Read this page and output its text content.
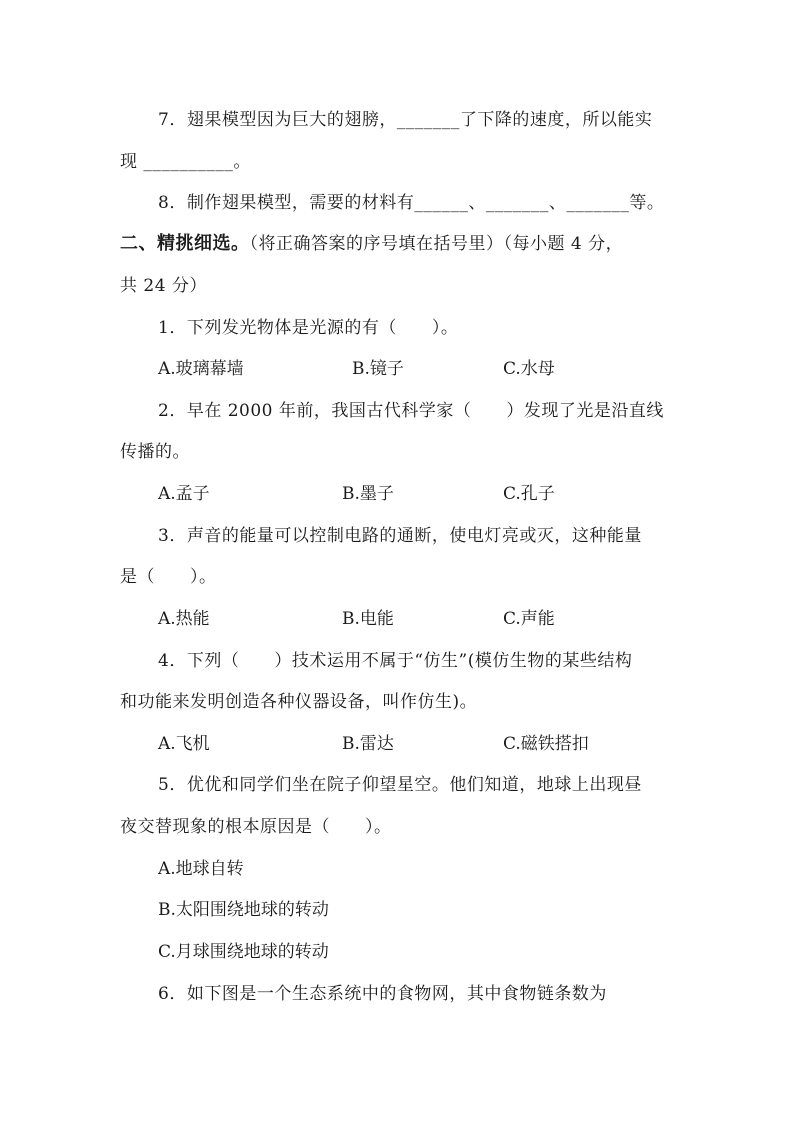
7．翅果模型因为巨大的翅膀，_______了下降的速度，所以能实
现 __________。
8．制作翅果模型，需要的材料有______、_______、_______等。
二、精挑细选。（将正确答案的序号填在括号里）（每小题 4 分，
共 24 分）
1．下列发光物体是光源的有（　　）。
A.玻璃幕墙	B.镜子	C.水母
2．早在 2000 年前，我国古代科学家（　　）发现了光是沿直线
传播的。
A.孟子	B.墨子	C.孔子
3．声音的能量可以控制电路的通断，使电灯亮或灭，这种能量
是（　　）。
A.热能	B.电能	C.声能
4．下列（　　）技术运用不属于“仿生”(模仿生物的某些结构
和功能来发明创造各种仪器设备，叫作仿生)。
A.飞机	B.雷达	C.磁铁搭扣
5．优优和同学们坐在院子仰望星空。他们知道，地球上出现昼
夜交替现象的根本原因是（　　）。
A.地球自转
B.太阳围绕地球的转动
C.月球围绕地球的转动
6．如下图是一个生态系统中的食物网，其中食物链条数为
